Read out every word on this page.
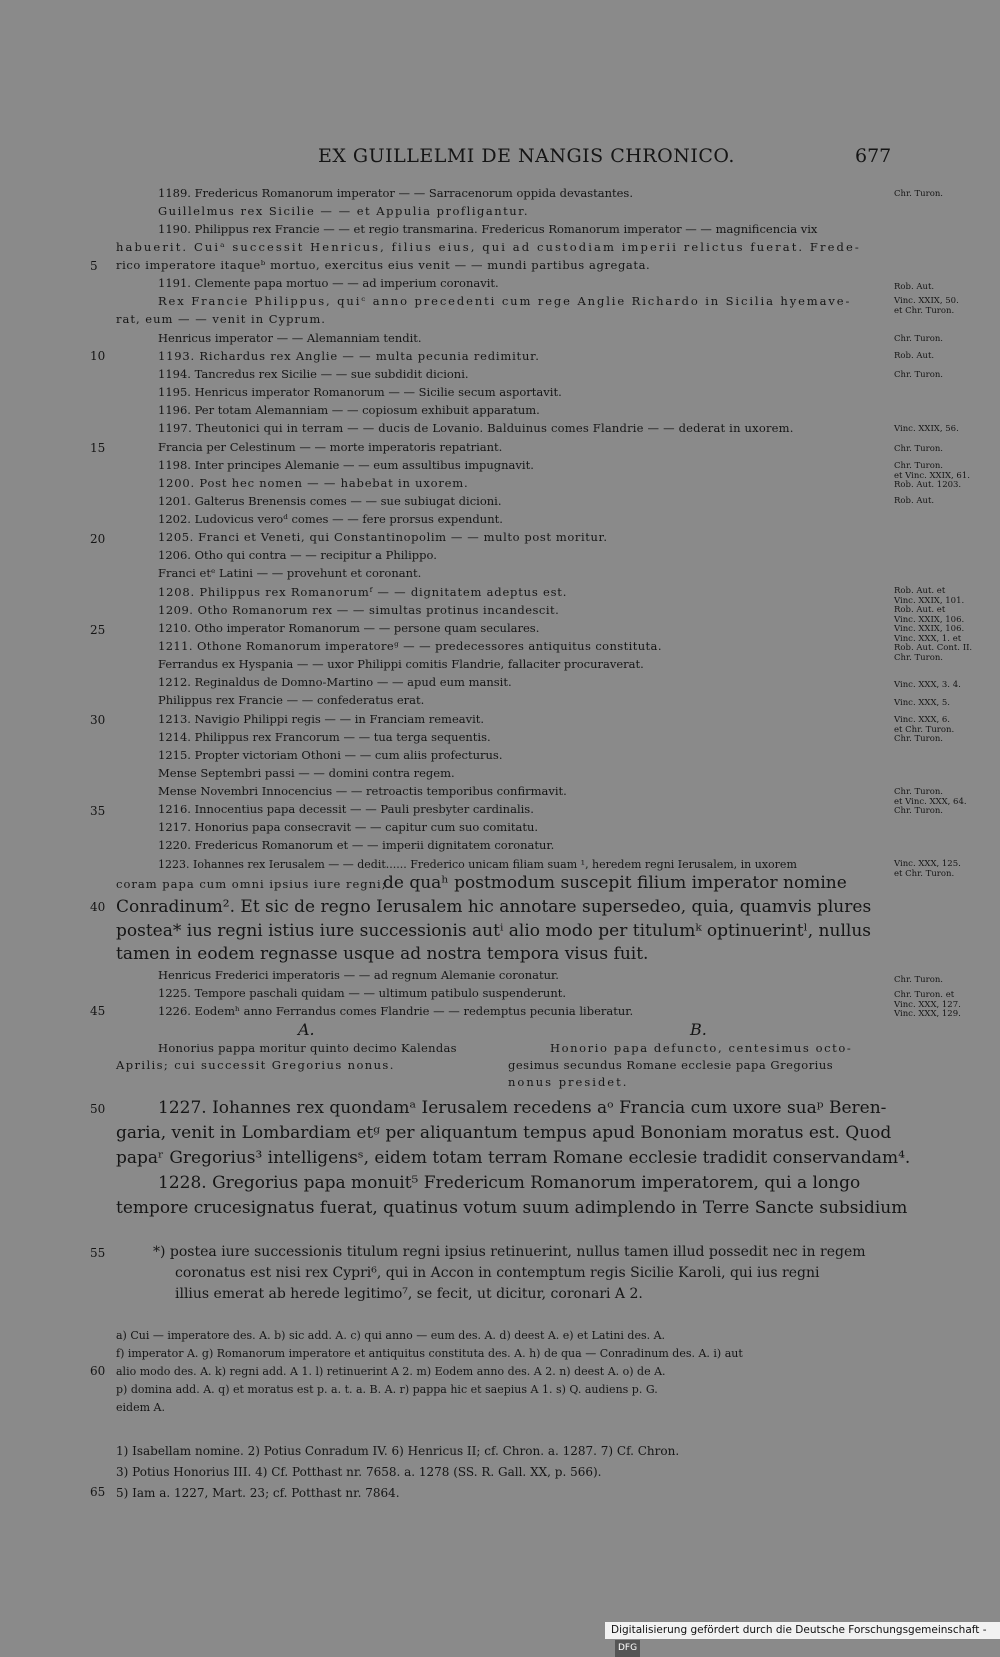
EX GUILLELMI DE NANGIS CHRONICO.	677
5
10
15
20
25
30
35
40
45
50
55
60
65
1189. Fredericus Romanorum imperator — — Sarracenorum oppida devastantes.
Guillelmus rex Sicilie — — et Appulia profligantur.
1190. Philippus rex Francie — — et regio transmarina. Fredericus Romanorum imperator — — magnificencia vix
habuerit. Cuiᵃ successit Henricus, filius eius, qui ad custodiam imperii relictus fuerat. Frede-
rico imperatore itaqueᵇ mortuo, exercitus eius venit — — mundi partibus agregata.
1191. Clemente papa mortuo — — ad imperium coronavit.
Rex Francie Philippus, quiᶜ anno precedenti cum rege Anglie Richardo in Sicilia hyemave-
rat, eum — — venit in Cyprum.
Henricus imperator — — Alemanniam tendit.
1193. Richardus rex Anglie — — multa pecunia redimitur.
1194. Tancredus rex Sicilie — — sue subdidit dicioni.
1195. Henricus imperator Romanorum — — Sicilie secum asportavit.
1196. Per totam Alemanniam — — copiosum exhibuit apparatum.
1197. Theutonici qui in terram — — ducis de Lovanio. Balduinus comes Flandrie — — dederat in uxorem.
Francia per Celestinum — — morte imperatoris repatriant.
1198. Inter principes Alemanie — — eum assultibus impugnavit.
1200. Post hec nomen — — habebat in uxorem.
1201. Galterus Brenensis comes — — sue subiugat dicioni.
1202. Ludovicus verοᵈ comes — — fere prorsus expendunt.
1205. Franci et Veneti, qui Constantinopolim — — multo post moritur.
1206. Otho qui contra — — recipitur a Philippo.
Franci etᵉ Latini — — provehunt et coronant.
1208. Philippus rex Romanorumᶠ — — dignitatem adeptus est.
1209. Otho Romanorum rex — — simultas protinus incandescit.
1210. Otho imperator Romanorum — — persone quam seculares.
1211. Othone Romanorum imperatoreᵍ — — predecessores antiquitus constituta.
Ferrandus ex Hyspania — — uxor Philippi comitis Flandrie, fallaciter procuraverat.
1212. Reginaldus de Domno-Martino — — apud eum mansit.
Philippus rex Francie — — confederatus erat.
1213. Navigio Philippi regis — — in Franciam remeavit.
1214. Philippus rex Francorum — — tua terga sequentis.
1215. Propter victoriam Othoni — — cum aliis profecturus.
Mense Septembri passi — — domini contra regem.
Mense Novembri Innocencius — — retroactis temporibus confirmavit.
1216. Innocentius papa decessit — — Pauli presbyter cardinalis.
1217. Honorius papa consecravit — — capitur cum suo comitatu.
1220. Fredericus Romanorum et — — imperii dignitatem coronatur.
1223. Iohannes rex Ierusalem — — dedit...... Frederico unicam filiam suam ¹, heredem regni Ierusalem, in uxorem
coram papa cum omni ipsius iure regni;
de quaʰ postmodum suscepit filium imperator nomine
Conradinum². Et sic de regno Ierusalem hic annotare supersedeo, quia, quamvis plures
postea* ius regni istius iure successionis autⁱ alio modo per titulumᵏ optinuerintˡ, nullus
tamen in eodem regnasse usque ad nostra tempora visus fuit.
Henricus Frederici imperatoris — — ad regnum Alemanie coronatur.
1225. Tempore paschali quidam — — ultimum patibulo suspenderunt.
1226. Eodemʰ anno Ferrandus comes Flandrie — — redemptus pecunia liberatur.
Chr. Turon.
Rob. Aut.
Vinc. XXIX, 50.
et Chr. Turon.
Chr. Turon.
Rob. Aut.
Chr. Turon.
Vinc. XXIX, 56.
Chr. Turon.
Chr. Turon.
et Vinc. XXIX, 61.
Rob. Aut. 1203.
Rob. Aut.
Rob. Aut. et
Vinc. XXIX, 101.
Rob. Aut. et
Vinc. XXIX, 106.
Vinc. XXIX, 106.
Vinc. XXX, 1. et
Rob. Aut. Cont. II.
Chr. Turon.
Vinc. XXX, 3. 4.
Vinc. XXX, 5.
Vinc. XXX, 6.
et Chr. Turon.
Chr. Turon.
Chr. Turon.
et Vinc. XXX, 64.
Chr. Turon.
Vinc. XXX, 125.
et Chr. Turon.
Chr. Turon.
Chr. Turon. et
Vinc. XXX, 127.
Vinc. XXX, 129.
A.	B.
Honorius pappa moritur quinto decimo Kalendas
Aprilis; cui successit Gregorius nonus.
Honorio papa defuncto, centesimus octo-
gesimus secundus Romane ecclesie papa Gregorius
nonus presidet.
1227. Iohannes rex quondamᵃ Ierusalem recedens aᵒ Francia cum uxore suaᵖ Beren-
garia, venit in Lombardiam etᵍ per aliquantum tempus apud Bononiam moratus est. Quod
papaʳ Gregorius³ intelligensˢ, eidem totam terram Romane ecclesie tradidit conservandam⁴.
1228. Gregorius papa monuit⁵ Fredericum Romanorum imperatorem, qui a longo
tempore crucesignatus fuerat, quatinus votum suum adimplendo in Terre Sancte subsidium
*) postea iure successionis titulum regni ipsius retinuerint, nullus tamen illud possedit nec in regem
coronatus est nisi rex Cypri⁶, qui in Accon in contemptum regis Sicilie Karoli, qui ius regni
illius emerat ab herede legitimo⁷, se fecit, ut dicitur, coronari A 2.
a) Cui — imperatore des. A. b) sic add. A. c) qui anno — eum des. A. d) deest A. e) et Latini des. A.
f) imperator A. g) Romanorum imperatore et antiquitus constituta des. A. h) de qua — Conradinum des. A. i) aut
alio modo des. A. k) regni add. A 1. l) retinuerint A 2. m) Eodem anno des. A 2. n) deest A. o) de A.
p) domina add. A. q) et moratus est p. a. t. a. B. A. r) pappa hic et saepius A 1. s) Q. audiens p. G.
eidem A.
1) Isabellam nomine. 2) Potius Conradum IV. 6) Henricus II; cf. Chron. a. 1287. 7) Cf. Chron.
3) Potius Honorius III. 4) Cf. Potthast nr. 7658. a. 1278 (SS. R. Gall. XX, p. 566).
5) Iam a. 1227, Mart. 23; cf. Potthast nr. 7864.
Digitalisierung gefördert durch die Deutsche Forschungsgemeinschaft -DFG
